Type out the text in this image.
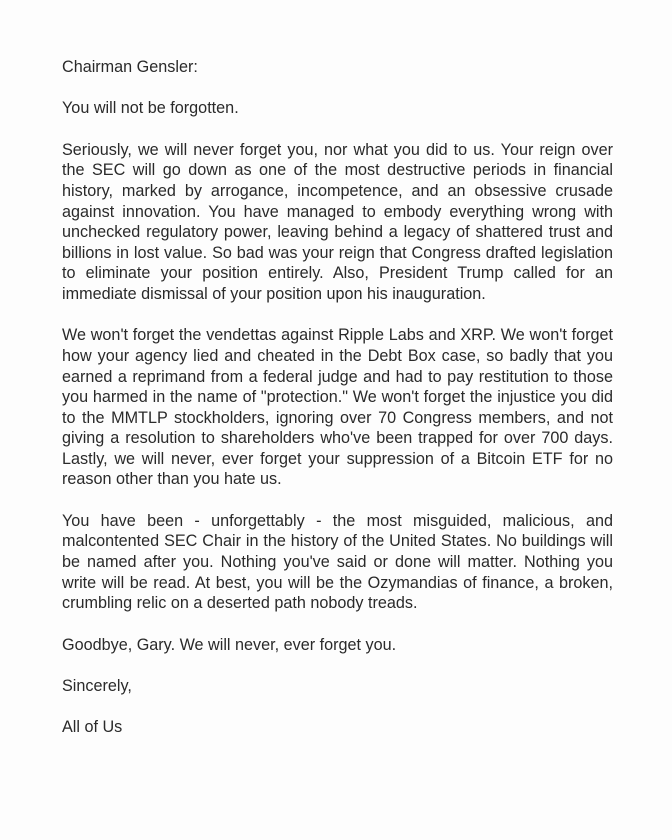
Chairman Gensler:

You will not be forgotten.

Seriously, we will never forget you, nor what you did to us. Your reign over the SEC will go down as one of the most destructive periods in financial history, marked by arrogance, incompetence, and an obsessive crusade against innovation. You have managed to embody everything wrong with unchecked regulatory power, leaving behind a legacy of shattered trust and billions in lost value. So bad was your reign that Congress drafted legislation to eliminate your position entirely. Also, President Trump called for an immediate dismissal of your position upon his inauguration.

We won't forget the vendettas against Ripple Labs and XRP. We won't forget how your agency lied and cheated in the Debt Box case, so badly that you earned a reprimand from a federal judge and had to pay restitution to those you harmed in the name of "protection." We won't forget the injustice you did to the MMTLP stockholders, ignoring over 70 Congress members, and not giving a resolution to shareholders who've been trapped for over 700 days. Lastly, we will never, ever forget your suppression of a Bitcoin ETF for no reason other than you hate us.

You have been - unforgettably - the most misguided, malicious, and malcontented SEC Chair in the history of the United States. No buildings will be named after you. Nothing you've said or done will matter. Nothing you write will be read. At best, you will be the Ozymandias of finance, a broken, crumbling relic on a deserted path nobody treads.

Goodbye, Gary. We will never, ever forget you.

Sincerely,

All of Us
